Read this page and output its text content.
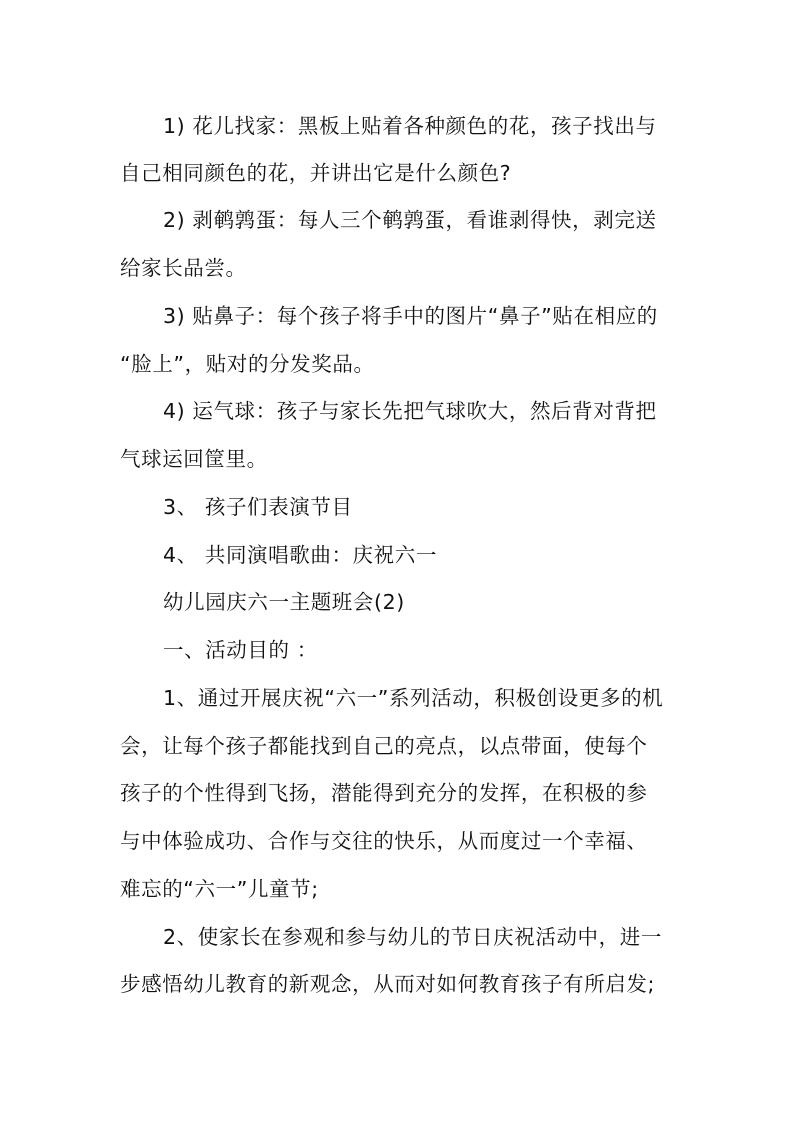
1) 花儿找家：黑板上贴着各种颜色的花，孩子找出与
自己相同颜色的花，并讲出它是什么颜色?
2) 剥鹌鹑蛋：每人三个鹌鹑蛋，看谁剥得快，剥完送
给家长品尝。
3) 贴鼻子：每个孩子将手中的图片“鼻子”贴在相应的
“脸上”，贴对的分发奖品。
4) 运气球：孩子与家长先把气球吹大，然后背对背把
气球运回筐里。
3、 孩子们表演节目
4、 共同演唱歌曲：庆祝六一
幼儿园庆六一主题班会(2)
一、活动目的 ：
1、通过开展庆祝“六一”系列活动，积极创设更多的机
会，让每个孩子都能找到自己的亮点，以点带面，使每个
孩子的个性得到飞扬，潜能得到充分的发挥，在积极的参
与中体验成功、合作与交往的快乐，从而度过一个幸福、
难忘的“六一”儿童节;
2、使家长在参观和参与幼儿的节日庆祝活动中，进一
步感悟幼儿教育的新观念，从而对如何教育孩子有所启发;
